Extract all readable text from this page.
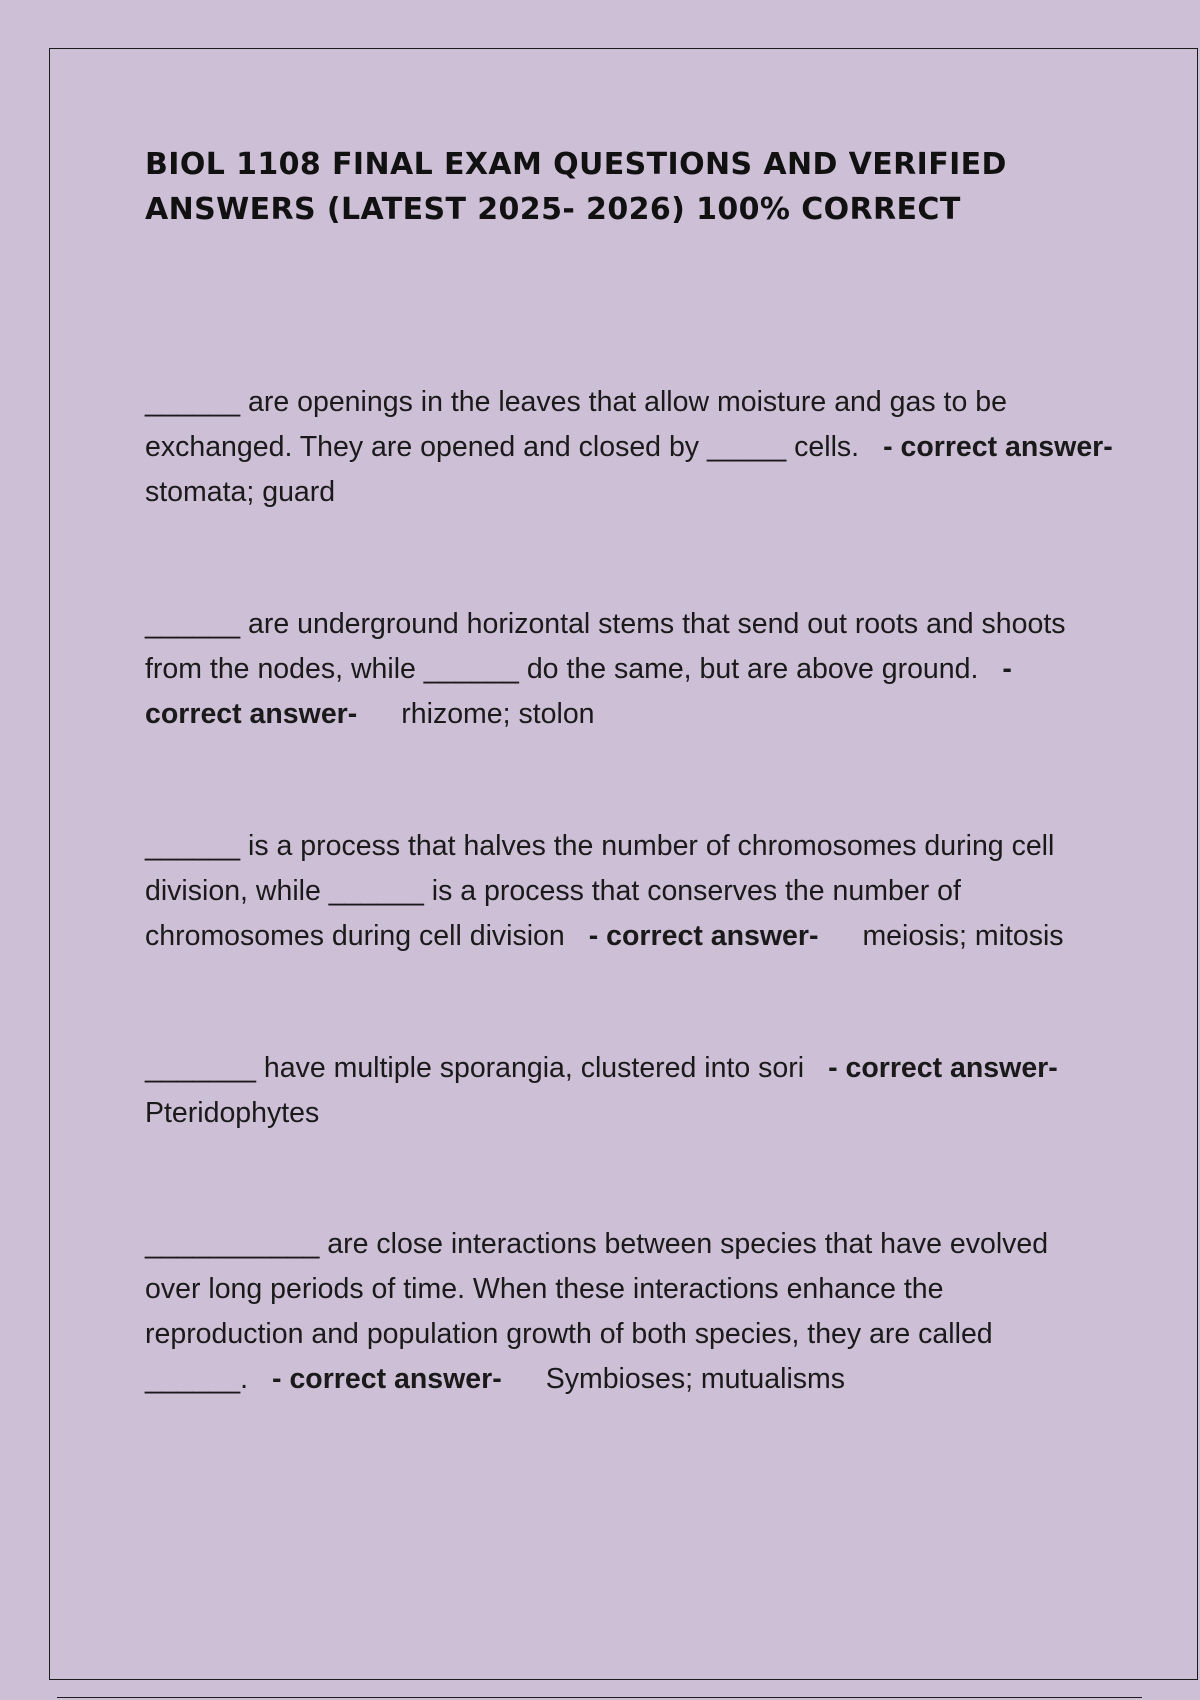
BIOL 1108 FINAL EXAM QUESTIONS AND VERIFIED
ANSWERS (LATEST 2025- 2026) 100% CORRECT
______ are openings in the leaves that allow moisture and gas to be
exchanged. They are opened and closed by _____ cells. - correct answer-
stomata; guard
______ are underground horizontal stems that send out roots and shoots
from the nodes, while ______ do the same, but are above ground. -
correct answer- rhizome; stolon
______ is a process that halves the number of chromosomes during cell
division, while ______ is a process that conserves the number of
chromosomes during cell division - correct answer- meiosis; mitosis
_______ have multiple sporangia, clustered into sori - correct answer-
Pteridophytes
___________ are close interactions between species that have evolved
over long periods of time. When these interactions enhance the
reproduction and population growth of both species, they are called
______. - correct answer- Symbioses; mutualisms
